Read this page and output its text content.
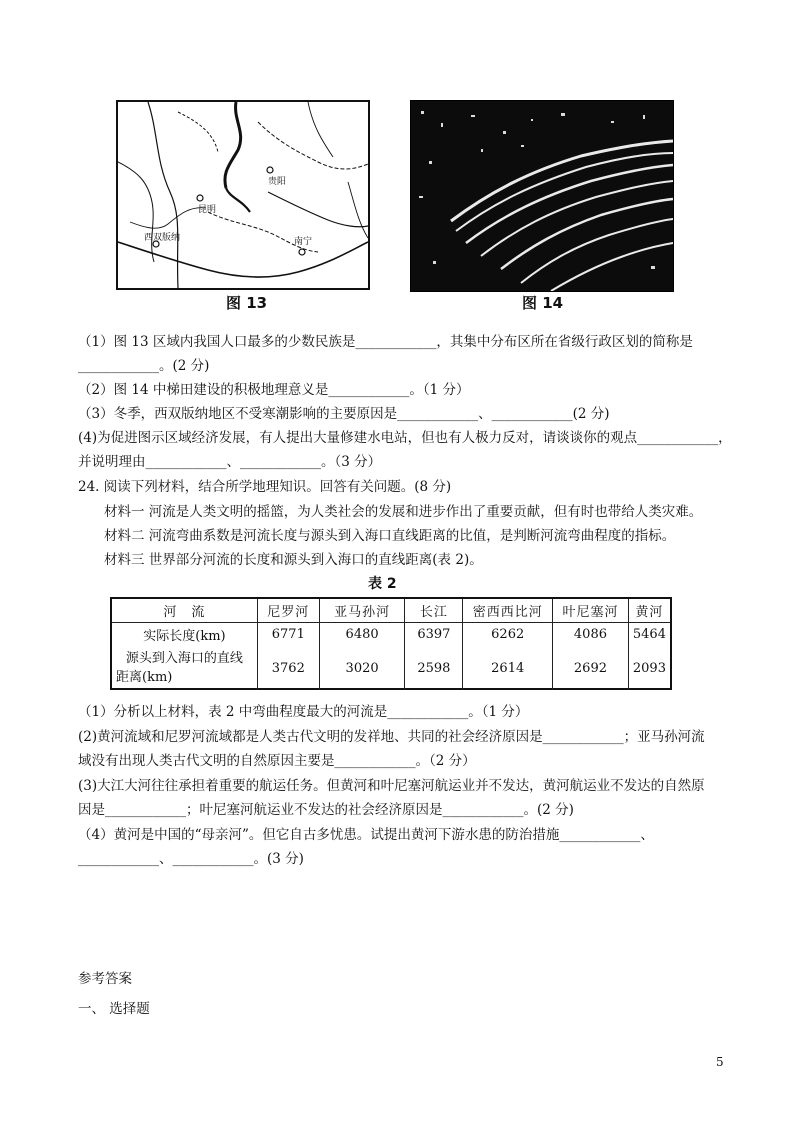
贵阳
昆明
南宁
西双版纳
图 13	图 14
（1）图 13 区域内我国人口最多的少数民族是____________，其集中分布区所在省级行政区划的简称是
____________。(2 分)
（2）图 14 中梯田建设的积极地理意义是____________。（1 分）
（3）冬季，西双版纳地区不受寒潮影响的主要原因是____________、____________(2 分)
(4)为促进图示区域经济发展，有人提出大量修建水电站，但也有人极力反对，请谈谈你的观点____________，
并说明理由____________、____________。（3 分）
24. 阅读下列材料，结合所学地理知识。回答有关问题。(8 分)
材料一 河流是人类文明的摇篮，为人类社会的发展和进步作出了重要贡献，但有时也带给人类灾难。
材料二 河流弯曲系数是河流长度与源头到入海口直线距离的比值，是判断河流弯曲程度的指标。
材料三 世界部分河流的长度和源头到入海口的直线距离(表 2)。
表 2
河　流	尼罗河	亚马孙河	长江	密西西比河	叶尼塞河	黄河
实际长度(km)	6771	6480	6397	6262	4086	5464

源头到入海口的直线
距离(km)	3762	3020	2598	2614	2692	2093
（1）分析以上材料，表 2 中弯曲程度最大的河流是____________。（1 分）
(2)黄河流域和尼罗河流域都是人类古代文明的发祥地、共同的社会经济原因是____________；亚马孙河流
域没有出现人类古代文明的自然原因主要是____________。（2 分）
(3)大江大河往往承担着重要的航运任务。但黄河和叶尼塞河航运业并不发达，黄河航运业不发达的自然原
因是____________；叶尼塞河航运业不发达的社会经济原因是____________。(2 分)
（4）黄河是中国的“母亲河”。但它自古多忧患。试提出黄河下游水患的防治措施____________、
____________、____________。(3 分)
参考答案
一、 选择题
5
